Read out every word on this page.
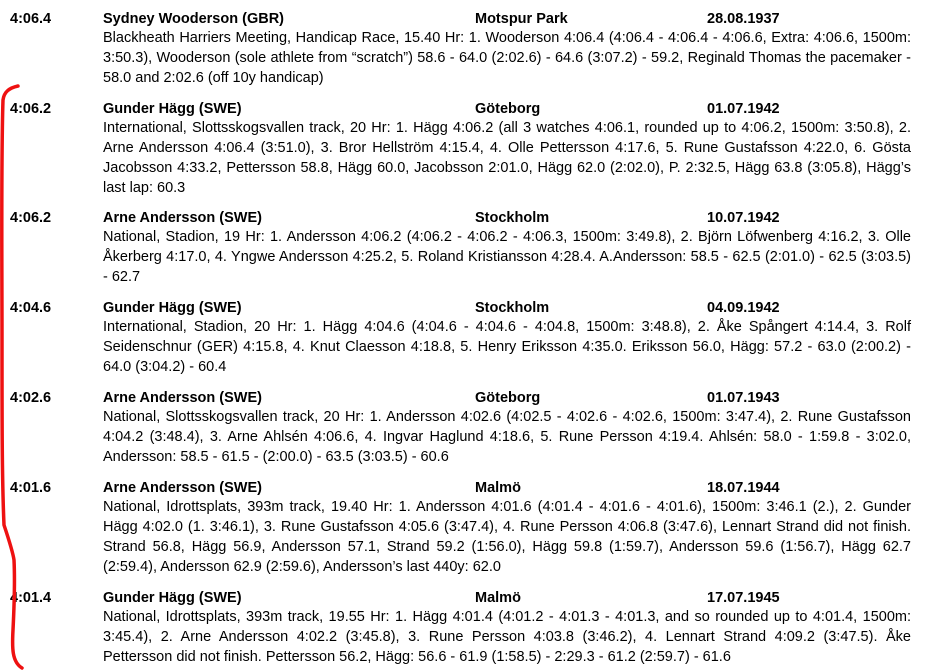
4:06.4	Sydney Wooderson (GBR)	Motspur Park	28.08.1937

Blackheath Harriers Meeting, Handicap Race, 15.40 Hr: 1. Wooderson 4:06.4 (4:06.4 - 4:06.4 - 4:06.6, Extra: 4:06.6, 1500m: 3:50.3), Wooderson (sole athlete from “scratch”) 58.6 - 64.0 (2:02.6) - 64.6 (3:07.2) - 59.2, Reginald Thomas the pacemaker - 58.0 and 2:02.6 (off 10y handicap)

4:06.2	Gunder Hägg (SWE)	Göteborg	01.07.1942

International, Slottsskogsvallen track, 20 Hr: 1. Hägg 4:06.2 (all 3 watches 4:06.1, rounded up to 4:06.2, 1500m: 3:50.8), 2. Arne Andersson 4:06.4 (3:51.0), 3. Bror Hellström 4:15.4, 4. Olle Pettersson 4:17.6, 5. Rune Gustafsson 4:22.0, 6. Gösta Jacobsson 4:33.2, Pettersson 58.8, Hägg 60.0, Jacobsson 2:01.0, Hägg 62.0 (2:02.0), P. 2:32.5, Hägg 63.8 (3:05.8), Hägg’s last lap: 60.3

4:06.2	Arne Andersson (SWE)	Stockholm	10.07.1942

National, Stadion, 19 Hr: 1. Andersson 4:06.2 (4:06.2 - 4:06.2 - 4:06.3, 1500m: 3:49.8), 2. Björn Löfwenberg 4:16.2, 3. Olle Åkerberg 4:17.0, 4. Yngwe Andersson 4:25.2, 5. Roland Kristiansson 4:28.4. A.Andersson: 58.5 - 62.5 (2:01.0) - 62.5 (3:03.5) - 62.7

4:04.6	Gunder Hägg (SWE)	Stockholm	04.09.1942

International, Stadion, 20 Hr: 1. Hägg 4:04.6 (4:04.6 - 4:04.6 - 4:04.8, 1500m: 3:48.8), 2. Åke Spångert 4:14.4, 3. Rolf Seidenschnur (GER) 4:15.8, 4. Knut Claesson 4:18.8, 5. Henry Eriksson 4:35.0. Eriksson 56.0, Hägg: 57.2 - 63.0 (2:00.2) - 64.0 (3:04.2) - 60.4

4:02.6	Arne Andersson (SWE)	Göteborg	01.07.1943

National, Slottsskogsvallen track, 20 Hr: 1. Andersson 4:02.6 (4:02.5 - 4:02.6 - 4:02.6, 1500m: 3:47.4), 2. Rune Gustafsson 4:04.2 (3:48.4), 3. Arne Ahlsén 4:06.6, 4. Ingvar Haglund 4:18.6, 5. Rune Persson 4:19.4. Ahlsén: 58.0 - 1:59.8 - 3:02.0, Andersson: 58.5 - 61.5 - (2:00.0) - 63.5 (3:03.5) - 60.6

4:01.6	Arne Andersson (SWE)	Malmö	18.07.1944

National, Idrottsplats, 393m track, 19.40 Hr: 1. Andersson 4:01.6 (4:01.4 - 4:01.6 - 4:01.6), 1500m: 3:46.1 (2.), 2. Gunder Hägg 4:02.0 (1. 3:46.1), 3. Rune Gustafsson 4:05.6 (3:47.4), 4. Rune Persson 4:06.8 (3:47.6), Lennart Strand did not finish. Strand 56.8, Hägg 56.9, Andersson 57.1, Strand 59.2 (1:56.0), Hägg 59.8 (1:59.7), Andersson 59.6 (1:56.7), Hägg 62.7 (2:59.4), Andersson 62.9 (2:59.6), Andersson’s last 440y: 62.0

4:01.4	Gunder Hägg (SWE)	Malmö	17.07.1945

National, Idrottsplats, 393m track, 19.55 Hr: 1. Hägg 4:01.4 (4:01.2 - 4:01.3 - 4:01.3, and so rounded up to 4:01.4, 1500m: 3:45.4), 2. Arne Andersson 4:02.2 (3:45.8), 3. Rune Persson 4:03.8 (3:46.2), 4. Lennart Strand 4:09.2 (3:47.5). Åke Pettersson did not finish. Pettersson 56.2, Hägg: 56.6 - 61.9 (1:58.5) - 2:29.3 - 61.2 (2:59.7) - 61.6
